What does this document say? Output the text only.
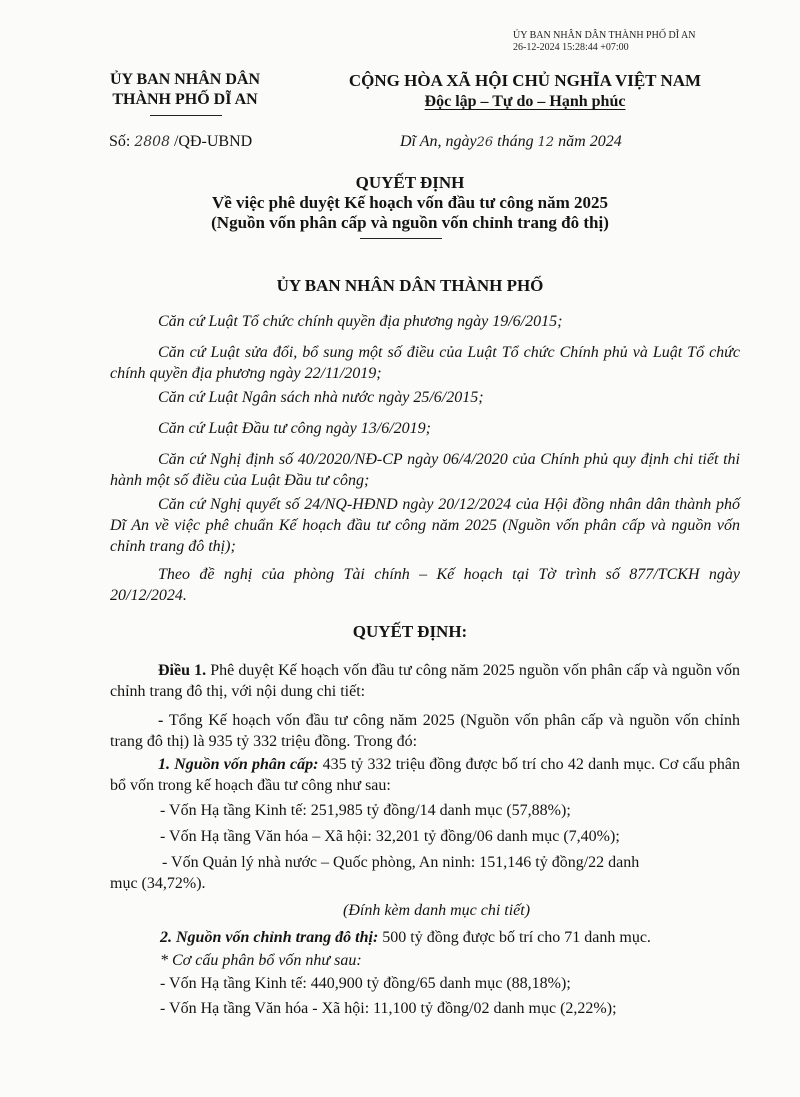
ỦY BAN NHÂN DÂN THÀNH PHỐ DĨ AN
26-12-2024 15:28:44 +07:00
ỦY BAN NHÂN DÂN
THÀNH PHỐ DĨ AN
CỘNG HÒA XÃ HỘI CHỦ NGHĨA VIỆT NAM
Độc lập – Tự do – Hạnh phúc
Số: 2808 /QĐ-UBND	Dĩ An, ngày26 tháng 12 năm 2024
QUYẾT ĐỊNH
Về việc phê duyệt Kế hoạch vốn đầu tư công năm 2025
(Nguồn vốn phân cấp và nguồn vốn chỉnh trang đô thị)
ỦY BAN NHÂN DÂN THÀNH PHỐ
Căn cứ Luật Tổ chức chính quyền địa phương ngày 19/6/2015;
Căn cứ Luật sửa đổi, bổ sung một số điều của Luật Tổ chức Chính phủ và Luật Tổ chức chính quyền địa phương ngày 22/11/2019;
Căn cứ Luật Ngân sách nhà nước ngày 25/6/2015;
Căn cứ Luật Đầu tư công ngày 13/6/2019;
Căn cứ Nghị định số 40/2020/NĐ-CP ngày 06/4/2020 của Chính phủ quy định chi tiết thi hành một số điều của Luật Đầu tư công;
Căn cứ Nghị quyết số 24/NQ-HĐND ngày 20/12/2024 của Hội đồng nhân dân thành phố Dĩ An về việc phê chuẩn Kế hoạch đầu tư công năm 2025 (Nguồn vốn phân cấp và nguồn vốn chỉnh trang đô thị);
Theo đề nghị của phòng Tài chính – Kế hoạch tại Tờ trình số 877/TCKH ngày 20/12/2024.
QUYẾT ĐỊNH:
Điều 1. Phê duyệt Kế hoạch vốn đầu tư công năm 2025 nguồn vốn phân cấp và nguồn vốn chỉnh trang đô thị, với nội dung chi tiết:
- Tổng Kế hoạch vốn đầu tư công năm 2025 (Nguồn vốn phân cấp và nguồn vốn chỉnh trang đô thị) là 935 tỷ 332 triệu đồng. Trong đó:
1. Nguồn vốn phân cấp: 435 tỷ 332 triệu đồng được bố trí cho 42 danh mục. Cơ cấu phân bổ vốn trong kế hoạch đầu tư công như sau:
- Vốn Hạ tầng Kinh tế: 251,985 tỷ đồng/14 danh mục (57,88%);
- Vốn Hạ tầng Văn hóa – Xã hội: 32,201 tỷ đồng/06 danh mục (7,40%);
- Vốn Quản lý nhà nước – Quốc phòng, An ninh: 151,146 tỷ đồng/22 danh
mục (34,72%).
(Đính kèm danh mục chi tiết)
2. Nguồn vốn chỉnh trang đô thị: 500 tỷ đồng được bố trí cho 71 danh mục.
* Cơ cấu phân bổ vốn như sau:
- Vốn Hạ tầng Kinh tế: 440,900 tỷ đồng/65 danh mục (88,18%);
- Vốn Hạ tầng Văn hóa - Xã hội: 11,100 tỷ đồng/02 danh mục (2,22%);
